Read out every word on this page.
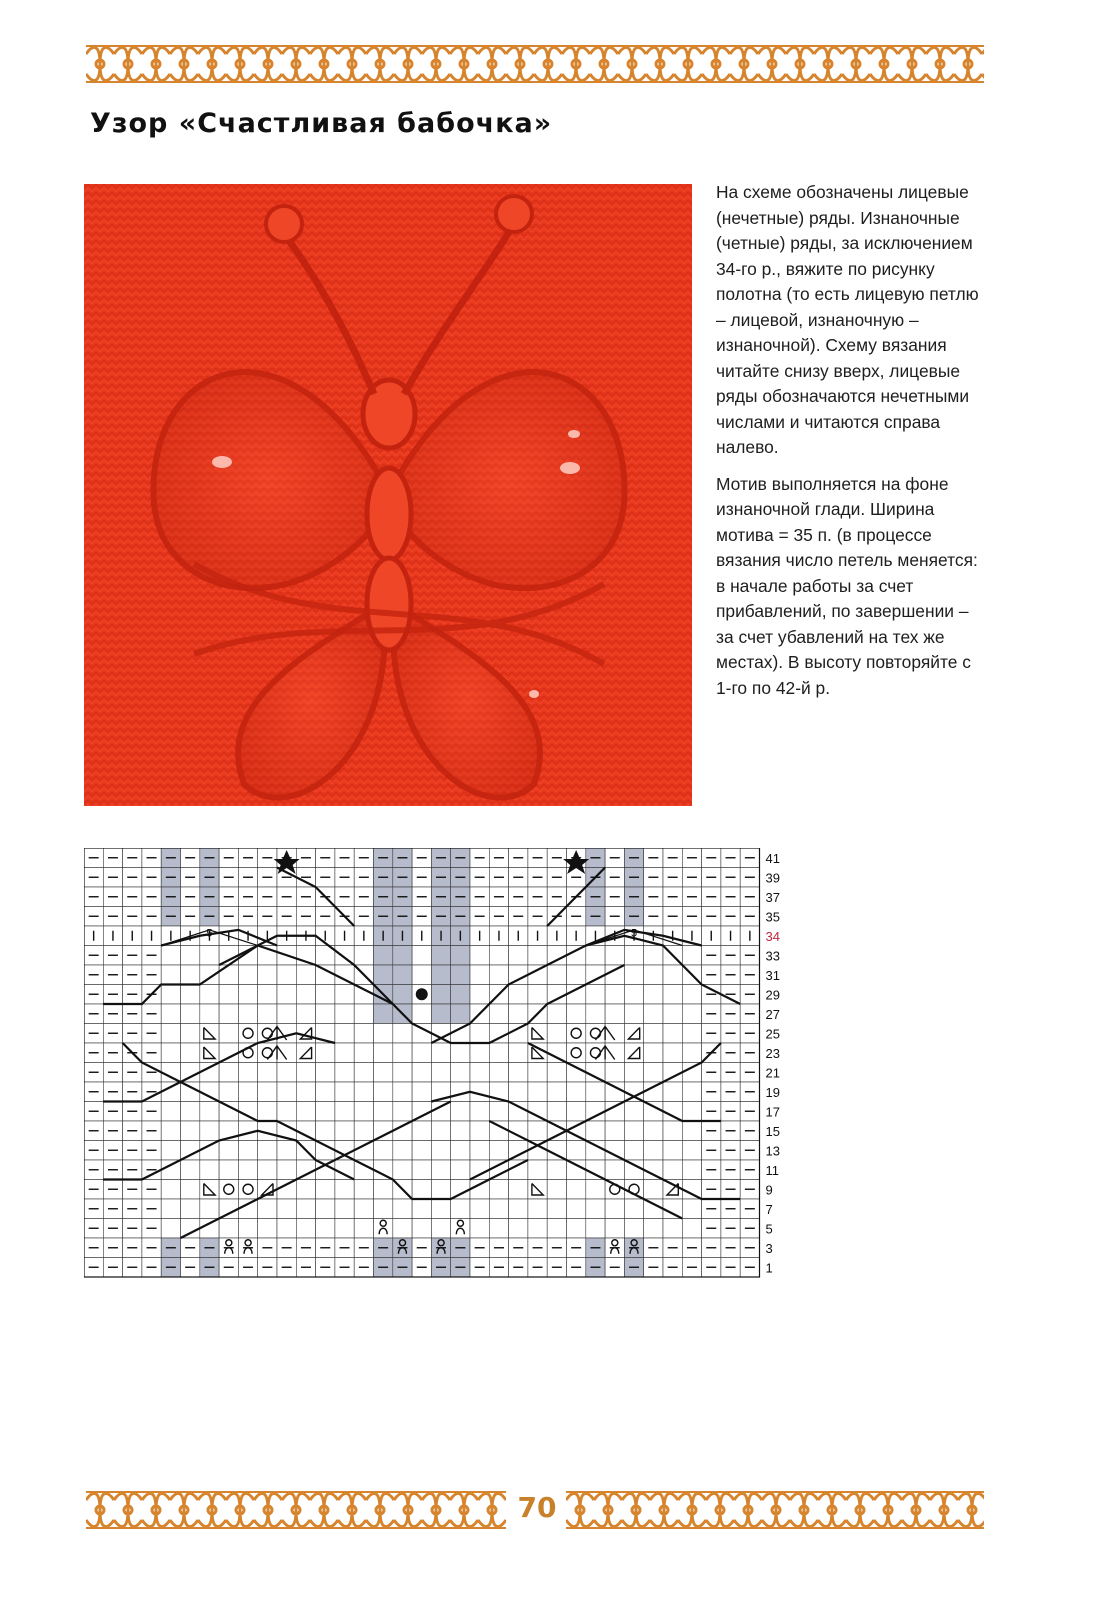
Узор «Счастливая бабочка»

На схеме обозначены лицевые (нечетные) ряды. Изнаночные (четные) ряды, за исключением 34-го р., вяжите по рисунку полотна (то есть лицевую петлю – лицевой, изнаночную – изнаночной). Схему вязания читайте снизу вверх, лицевые ряды обозначаются нечетными числами и читаются справа налево.

Мотив выполняется на фоне изнаночной глади. Ширина мотива = 35 п. (в процессе вязания число петель меняется: в начале работы за счет прибавлений, по завершении – за счет убавлений на тех же местах). В высоту повторяйте с 1-го по 42-й р.

5	5
41
39
37
35
34
33
31
29
27
25
23
21
19
17
15
13
11
9
7
5
3
1
70
